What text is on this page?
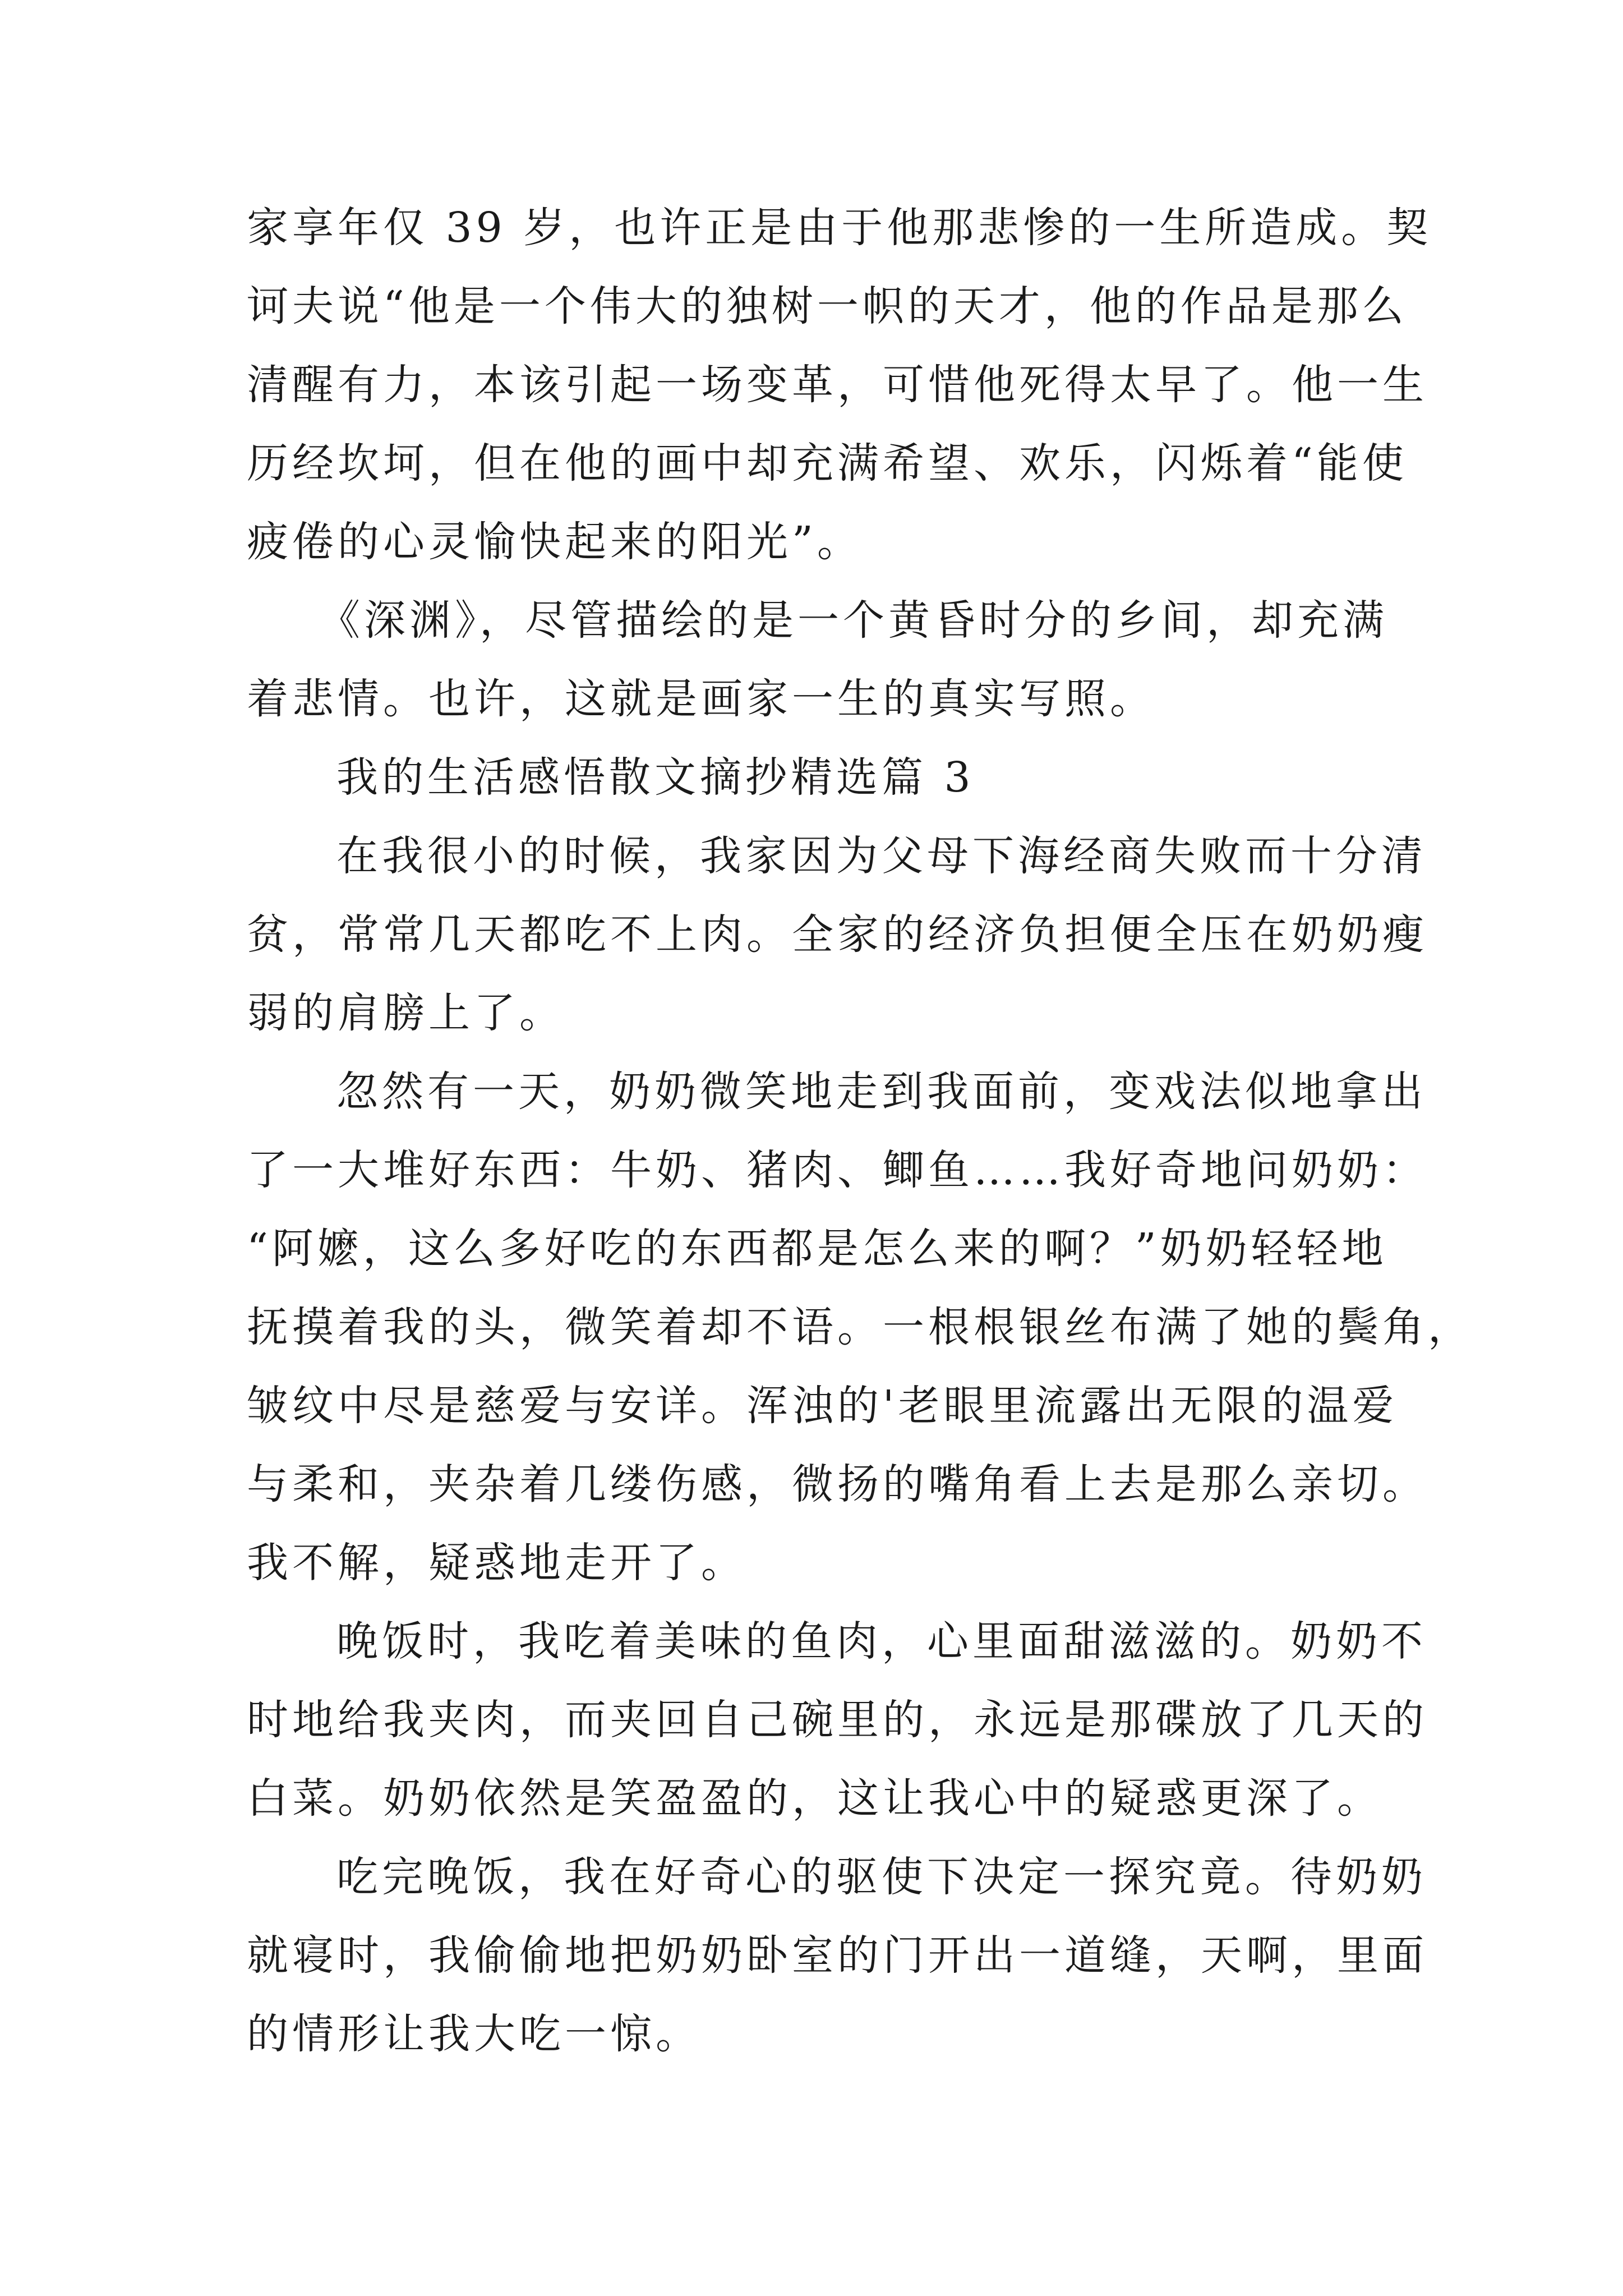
家享年仅 39 岁，也许正是由于他那悲惨的一生所造成。契
诃夫说“他是一个伟大的独树一帜的天才，他的作品是那么
清醒有力，本该引起一场变革，可惜他死得太早了。他一生
历经坎坷，但在他的画中却充满希望、欢乐，闪烁着“能使
疲倦的心灵愉快起来的阳光”。
《深渊》，尽管描绘的是一个黄昏时分的乡间，却充满
着悲情。也许，这就是画家一生的真实写照。
我的生活感悟散文摘抄精选篇 3
在我很小的时候，我家因为父母下海经商失败而十分清
贫，常常几天都吃不上肉。全家的经济负担便全压在奶奶瘦
弱的肩膀上了。
忽然有一天，奶奶微笑地走到我面前，变戏法似地拿出
了一大堆好东西：牛奶、猪肉、鲫鱼……我好奇地问奶奶：
“阿嬷，这么多好吃的东西都是怎么来的啊？”奶奶轻轻地
抚摸着我的头，微笑着却不语。一根根银丝布满了她的鬓角，
皱纹中尽是慈爱与安详。浑浊的'老眼里流露出无限的温爱
与柔和，夹杂着几缕伤感，微扬的嘴角看上去是那么亲切。
我不解，疑惑地走开了。
晚饭时，我吃着美味的鱼肉，心里面甜滋滋的。奶奶不
时地给我夹肉，而夹回自己碗里的，永远是那碟放了几天的
白菜。奶奶依然是笑盈盈的，这让我心中的疑惑更深了。
吃完晚饭，我在好奇心的驱使下决定一探究竟。待奶奶
就寝时，我偷偷地把奶奶卧室的门开出一道缝，天啊，里面
的情形让我大吃一惊。
